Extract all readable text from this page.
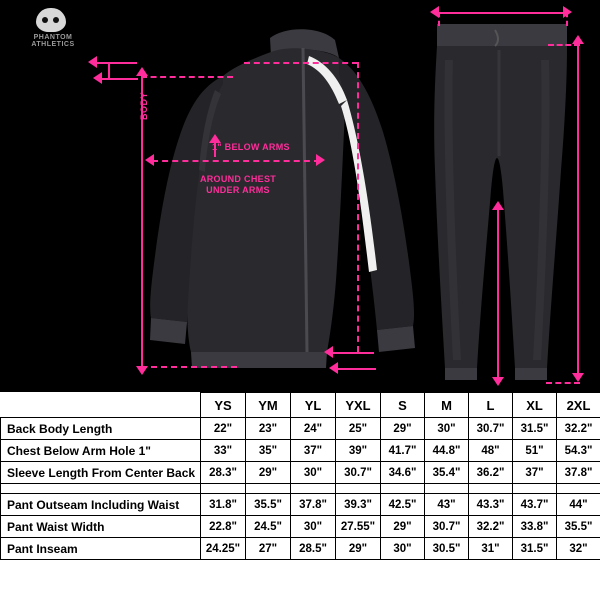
PHANTOM ATHLETICS
BODY
1" BELOW ARMS
AROUND CHEST
UNDER ARMS
	YS	YM	YL	YXL	S	M	L	XL	2XL
Back Body Length	22"	23"	24"	25"	29"	30"	30.7"	31.5"	32.2"
Chest Below Arm Hole 1"	33"	35"	37"	39"	41.7"	44.8"	48"	51"	54.3"
Sleeve Length From Center Back	28.3"	29"	30"	30.7"	34.6"	35.4"	36.2"	37"	37.8"

Pant Outseam Including Waist	31.8"	35.5"	37.8"	39.3"	42.5"	43"	43.3"	43.7"	44"
Pant Waist Width	22.8"	24.5"	30"	27.55"	29"	30.7"	32.2"	33.8"	35.5"
Pant Inseam	24.25"	27"	28.5"	29"	30"	30.5"	31"	31.5"	32"
